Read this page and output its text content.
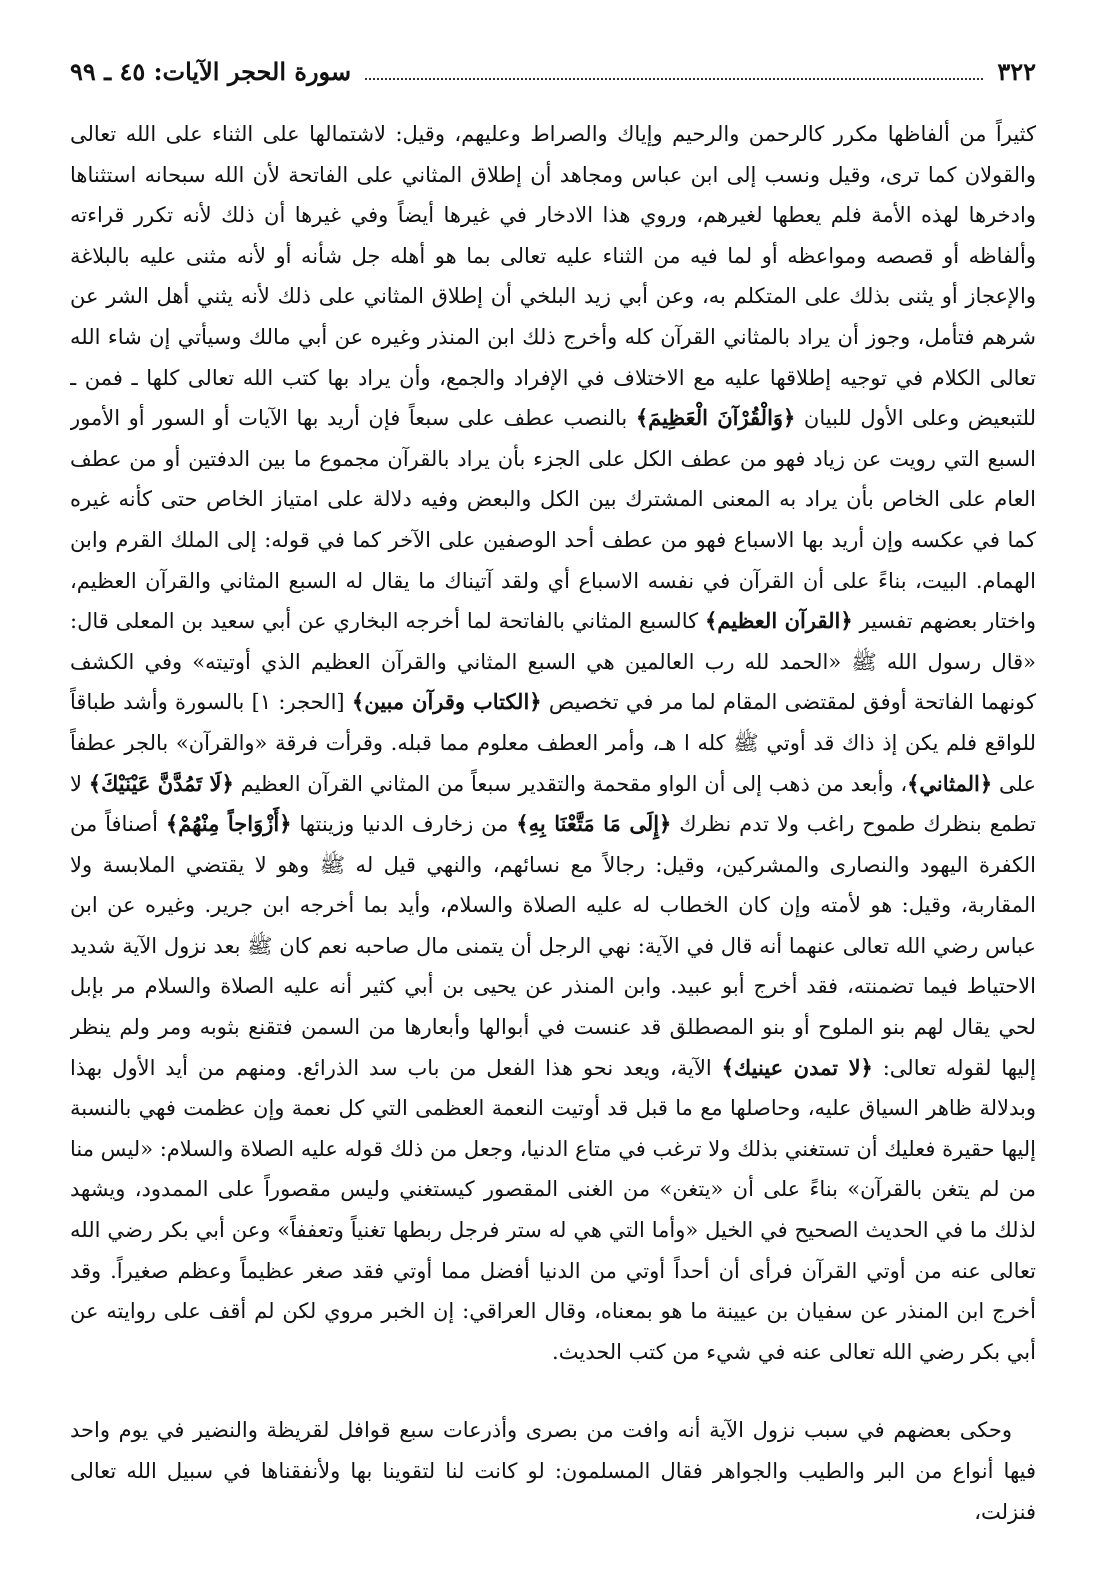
٣٢٢
سورة الحجر الآيات: ٤٥ ـ ٩٩

كثيراً من ألفاظها مكرر كالرحمن والرحيم وإياك والصراط وعليهم، وقيل: لاشتمالها على الثناء على الله تعالى والقولان كما ترى، وقيل ونسب إلى ابن عباس ومجاهد أن إطلاق المثاني على الفاتحة لأن الله سبحانه استثناها وادخرها لهذه الأمة فلم يعطها لغيرهم، وروي هذا الادخار في غيرها أيضاً وفي غيرها أن ذلك لأنه تكرر قراءته وألفاظه أو قصصه ومواعظه أو لما فيه من الثناء عليه تعالى بما هو أهله جل شأنه أو لأنه مثنى عليه بالبلاغة والإعجاز أو يثنى بذلك على المتكلم به، وعن أبي زيد البلخي أن إطلاق المثاني على ذلك لأنه يثني أهل الشر عن شرهم فتأمل، وجوز أن يراد بالمثاني القرآن كله وأخرج ذلك ابن المنذر وغيره عن أبي مالك وسيأتي إن شاء الله تعالى الكلام في توجيه إطلاقها عليه مع الاختلاف في الإفراد والجمع، وأن يراد بها كتب الله تعالى كلها ـ فمن ـ للتبعيض وعلى الأول للبيان ﴿وَالْقُرْآنَ الْعَظِيمَ﴾ بالنصب عطف على سبعاً فإن أريد بها الآيات أو السور أو الأمور السبع التي رويت عن زياد فهو من عطف الكل على الجزء بأن يراد بالقرآن مجموع ما بين الدفتين أو من عطف العام على الخاص بأن يراد به المعنى المشترك بين الكل والبعض وفيه دلالة على امتياز الخاص حتى كأنه غيره كما في عكسه وإن أريد بها الاسباع فهو من عطف أحد الوصفين على الآخر كما في قوله: إلى الملك القرم وابن الهمام. البيت، بناءً على أن القرآن في نفسه الاسباع أي ولقد آتيناك ما يقال له السبع المثاني والقرآن العظيم، واختار بعضهم تفسير ﴿القرآن العظيم﴾ كالسبع المثاني بالفاتحة لما أخرجه البخاري عن أبي سعيد بن المعلى قال: «قال رسول الله ﷺ «الحمد لله رب العالمين هي السبع المثاني والقرآن العظيم الذي أوتيته» وفي الكشف كونهما الفاتحة أوفق لمقتضى المقام لما مر في تخصيص ﴿الكتاب وقرآن مبين﴾ [الحجر: ١] بالسورة وأشد طباقاً للواقع فلم يكن إذ ذاك قد أوتي ﷺ كله ا هـ، وأمر العطف معلوم مما قبله. وقرأت فرقة «والقرآن» بالجر عطفاً على ﴿المثاني﴾، وأبعد من ذهب إلى أن الواو مقحمة والتقدير سبعاً من المثاني القرآن العظيم ﴿لَا تَمُدَّنَّ عَيْنَيْكَ﴾ لا تطمع بنظرك طموح راغب ولا تدم نظرك ﴿إِلَى مَا مَتَّعْنَا بِهِ﴾ من زخارف الدنيا وزينتها ﴿أَزْوَاجاً مِنْهُمْ﴾ أصنافاً من الكفرة اليهود والنصارى والمشركين، وقيل: رجالاً مع نسائهم، والنهي قيل له ﷺ وهو لا يقتضي الملابسة ولا المقاربة، وقيل: هو لأمته وإن كان الخطاب له عليه الصلاة والسلام، وأيد بما أخرجه ابن جرير. وغيره عن ابن عباس رضي الله تعالى عنهما أنه قال في الآية: نهي الرجل أن يتمنى مال صاحبه نعم كان ﷺ بعد نزول الآية شديد الاحتياط فيما تضمنته، فقد أخرج أبو عبيد. وابن المنذر عن يحيى بن أبي كثير أنه عليه الصلاة والسلام مر بإبل لحي يقال لهم بنو الملوح أو بنو المصطلق قد عنست في أبوالها وأبعارها من السمن فتقنع بثوبه ومر ولم ينظر إليها لقوله تعالى: ﴿لا تمدن عينيك﴾ الآية، ويعد نحو هذا الفعل من باب سد الذرائع. ومنهم من أيد الأول بهذا وبدلالة ظاهر السياق عليه، وحاصلها مع ما قبل قد أوتيت النعمة العظمى التي كل نعمة وإن عظمت فهي بالنسبة إليها حقيرة فعليك أن تستغني بذلك ولا ترغب في متاع الدنيا، وجعل من ذلك قوله عليه الصلاة والسلام: «ليس منا من لم يتغن بالقرآن» بناءً على أن «يتغن» من الغنى المقصور كيستغني وليس مقصوراً على الممدود، ويشهد لذلك ما في الحديث الصحيح في الخيل «وأما التي هي له ستر فرجل ربطها تغنياً وتعففاً» وعن أبي بكر رضي الله تعالى عنه من أوتي القرآن فرأى أن أحداً أوتي من الدنيا أفضل مما أوتي فقد صغر عظيماً وعظم صغيراً. وقد أخرج ابن المنذر عن سفيان بن عيينة ما هو بمعناه، وقال العراقي: إن الخبر مروي لكن لم أقف على روايته عن أبي بكر رضي الله تعالى عنه في شيء من كتب الحديث.

وحكى بعضهم في سبب نزول الآية أنه وافت من بصرى وأذرعات سبع قوافل لقريظة والنضير في يوم واحد فيها أنواع من البر والطيب والجواهر فقال المسلمون: لو كانت لنا لتقوينا بها ولأنفقناها في سبيل الله تعالى فنزلت،
